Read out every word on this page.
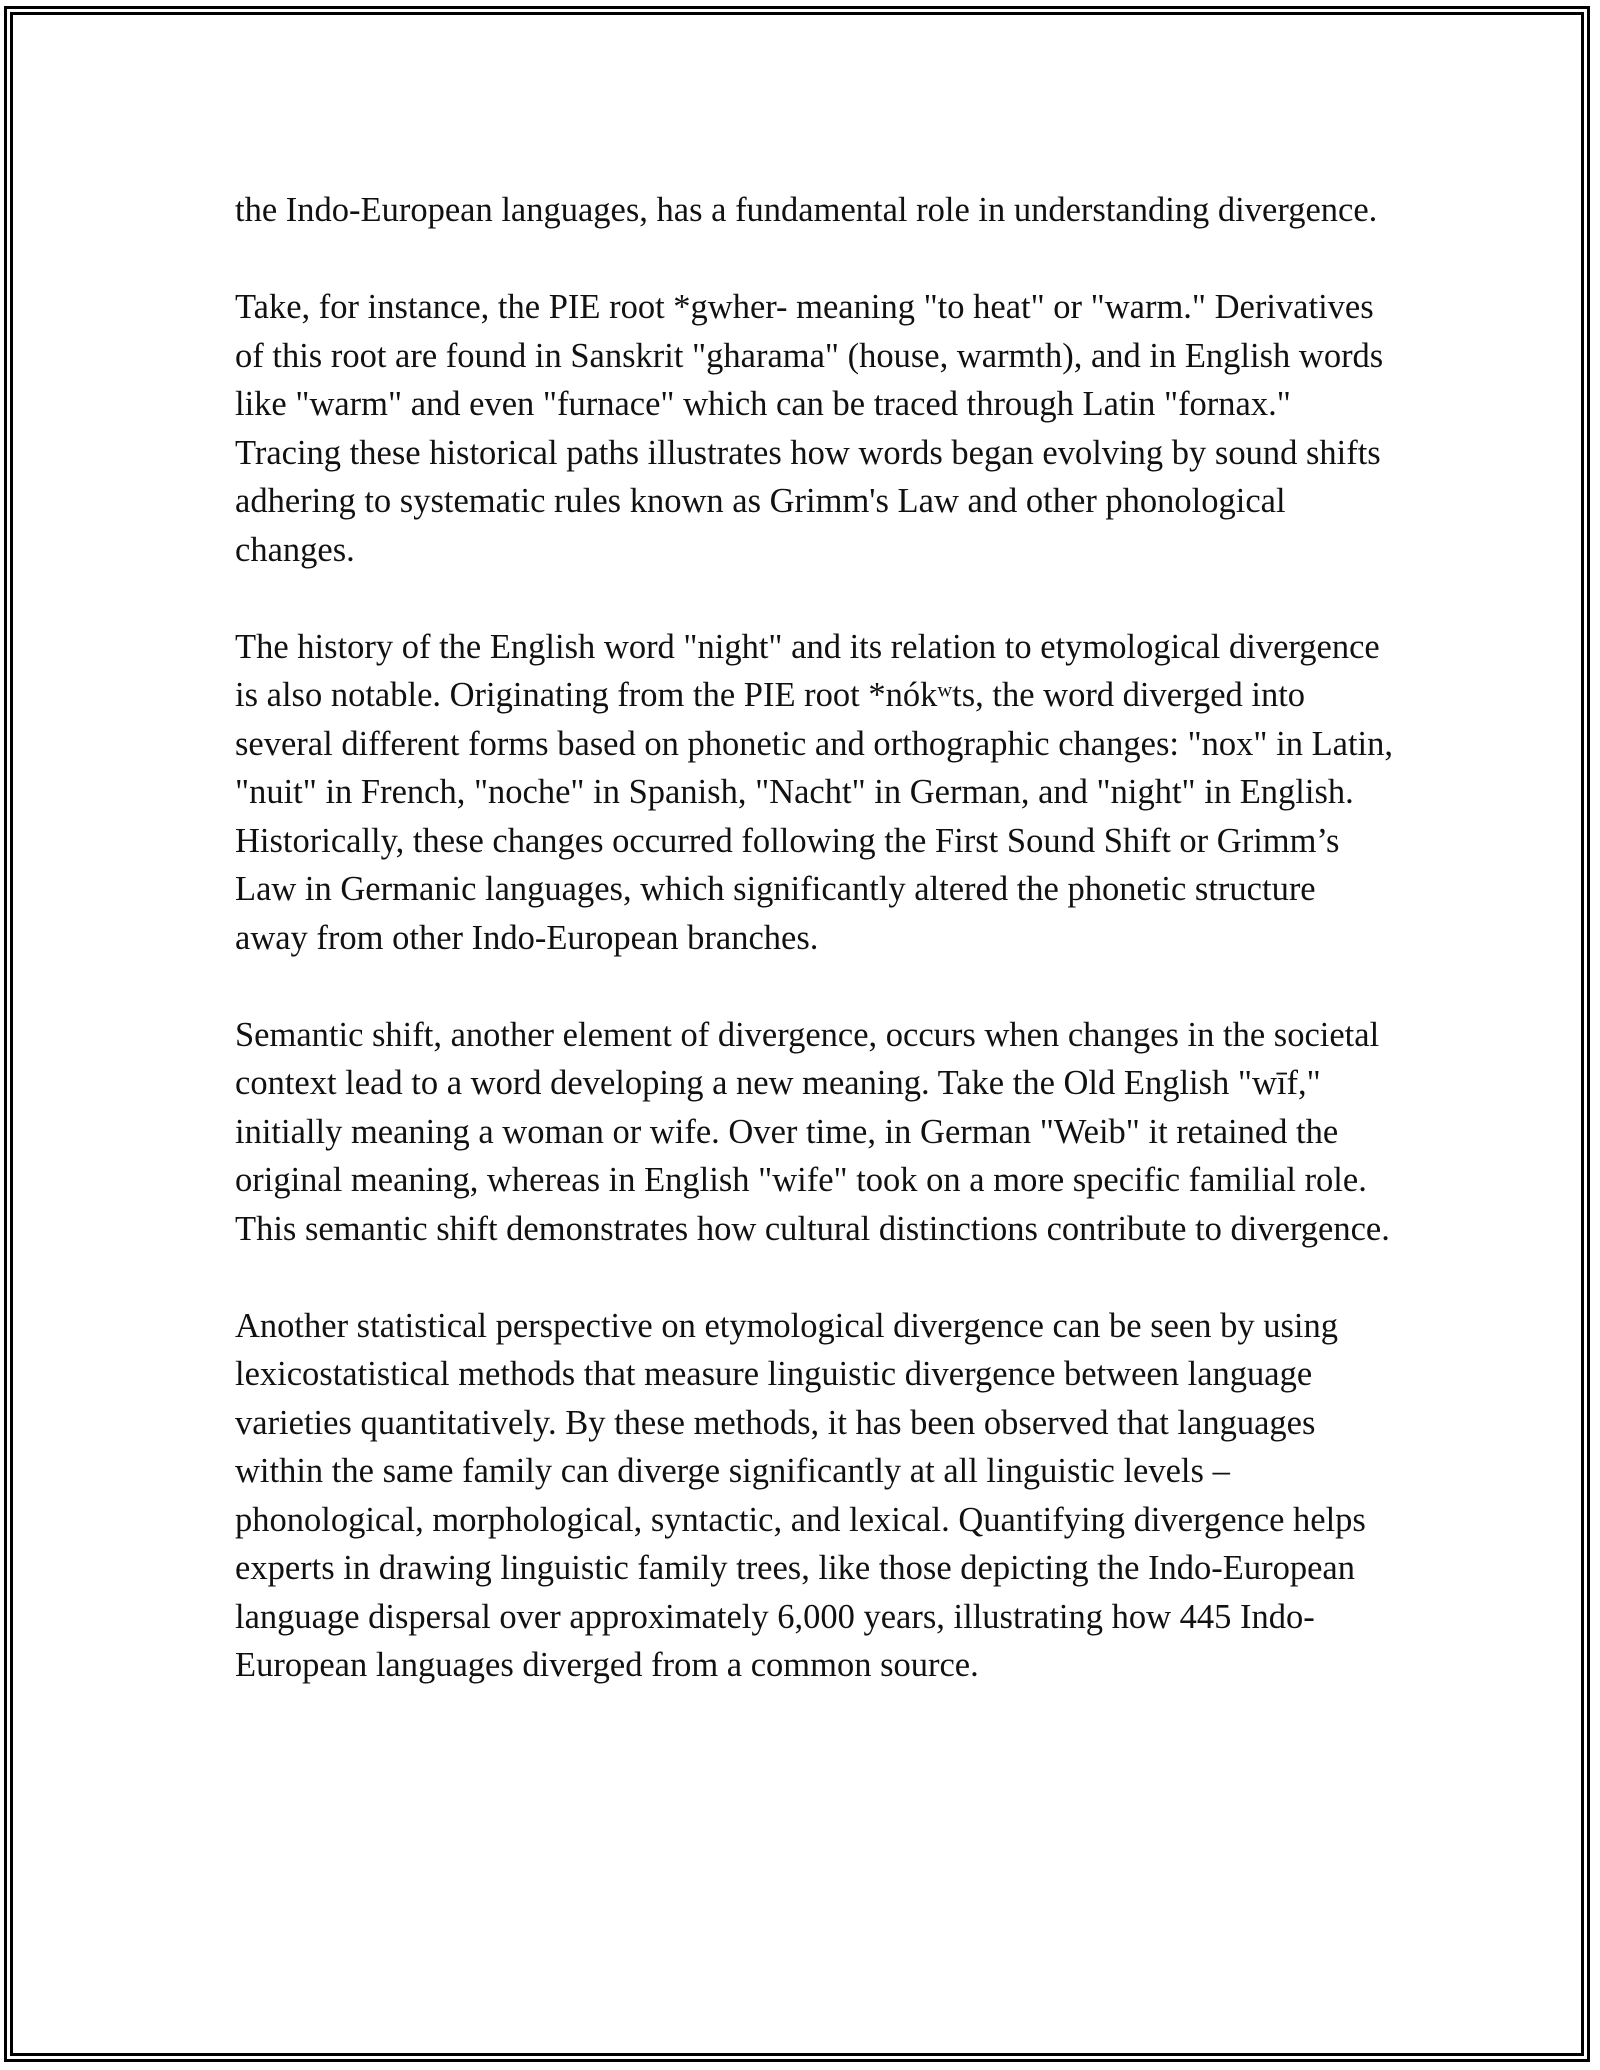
the Indo-European languages, has a fundamental role in understanding divergence.

Take, for instance, the PIE root *gwher- meaning "to heat" or "warm." Derivatives of this root are found in Sanskrit "gharama" (house, warmth), and in English words like "warm" and even "furnace" which can be traced through Latin "fornax." Tracing these historical paths illustrates how words began evolving by sound shifts adhering to systematic rules known as Grimm's Law and other phonological changes.

The history of the English word "night" and its relation to etymological divergence is also notable. Originating from the PIE root *nókʷts, the word diverged into several different forms based on phonetic and orthographic changes: "nox" in Latin, "nuit" in French, "noche" in Spanish, "Nacht" in German, and "night" in English. Historically, these changes occurred following the First Sound Shift or Grimm’s Law in Germanic languages, which significantly altered the phonetic structure away from other Indo-European branches.

Semantic shift, another element of divergence, occurs when changes in the societal context lead to a word developing a new meaning. Take the Old English "wīf," initially meaning a woman or wife. Over time, in German "Weib" it retained the original meaning, whereas in English "wife" took on a more specific familial role. This semantic shift demonstrates how cultural distinctions contribute to divergence.

Another statistical perspective on etymological divergence can be seen by using lexicostatistical methods that measure linguistic divergence between language varieties quantitatively. By these methods, it has been observed that languages within the same family can diverge significantly at all linguistic levels – phonological, morphological, syntactic, and lexical. Quantifying divergence helps experts in drawing linguistic family trees, like those depicting the Indo-European language dispersal over approximately 6,000 years, illustrating how 445 Indo-European languages diverged from a common source.
